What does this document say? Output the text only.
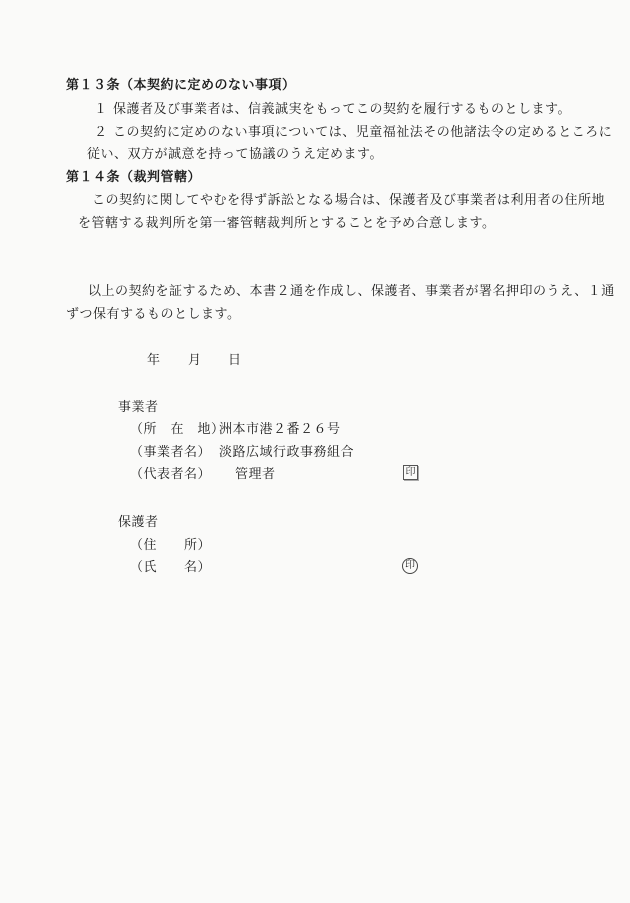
第１３条（本契約に定めのない事項）
１ 保護者及び事業者は、信義誠実をもってこの契約を履行するものとします。
２ この契約に定めのない事項については、児童福祉法その他諸法令の定めるところに
従い、双方が誠意を持って協議のうえ定めます。
第１４条（裁判管轄）
この契約に関してやむを得ず訴訟となる場合は、保護者及び事業者は利用者の住所地
を管轄する裁判所を第一審管轄裁判所とすることを予め合意します。
以上の契約を証するため、本書２通を作成し、保護者、事業者が署名押印のうえ、１通
ずつ保有するものとします。
年 月 日
事業者
（所　在　地）
洲本市港２番２６号
（事業者名） 淡路広域行政事務組合
（代表者名） 管理者	印
保護者
（住　　所）
（氏　　名）	印
